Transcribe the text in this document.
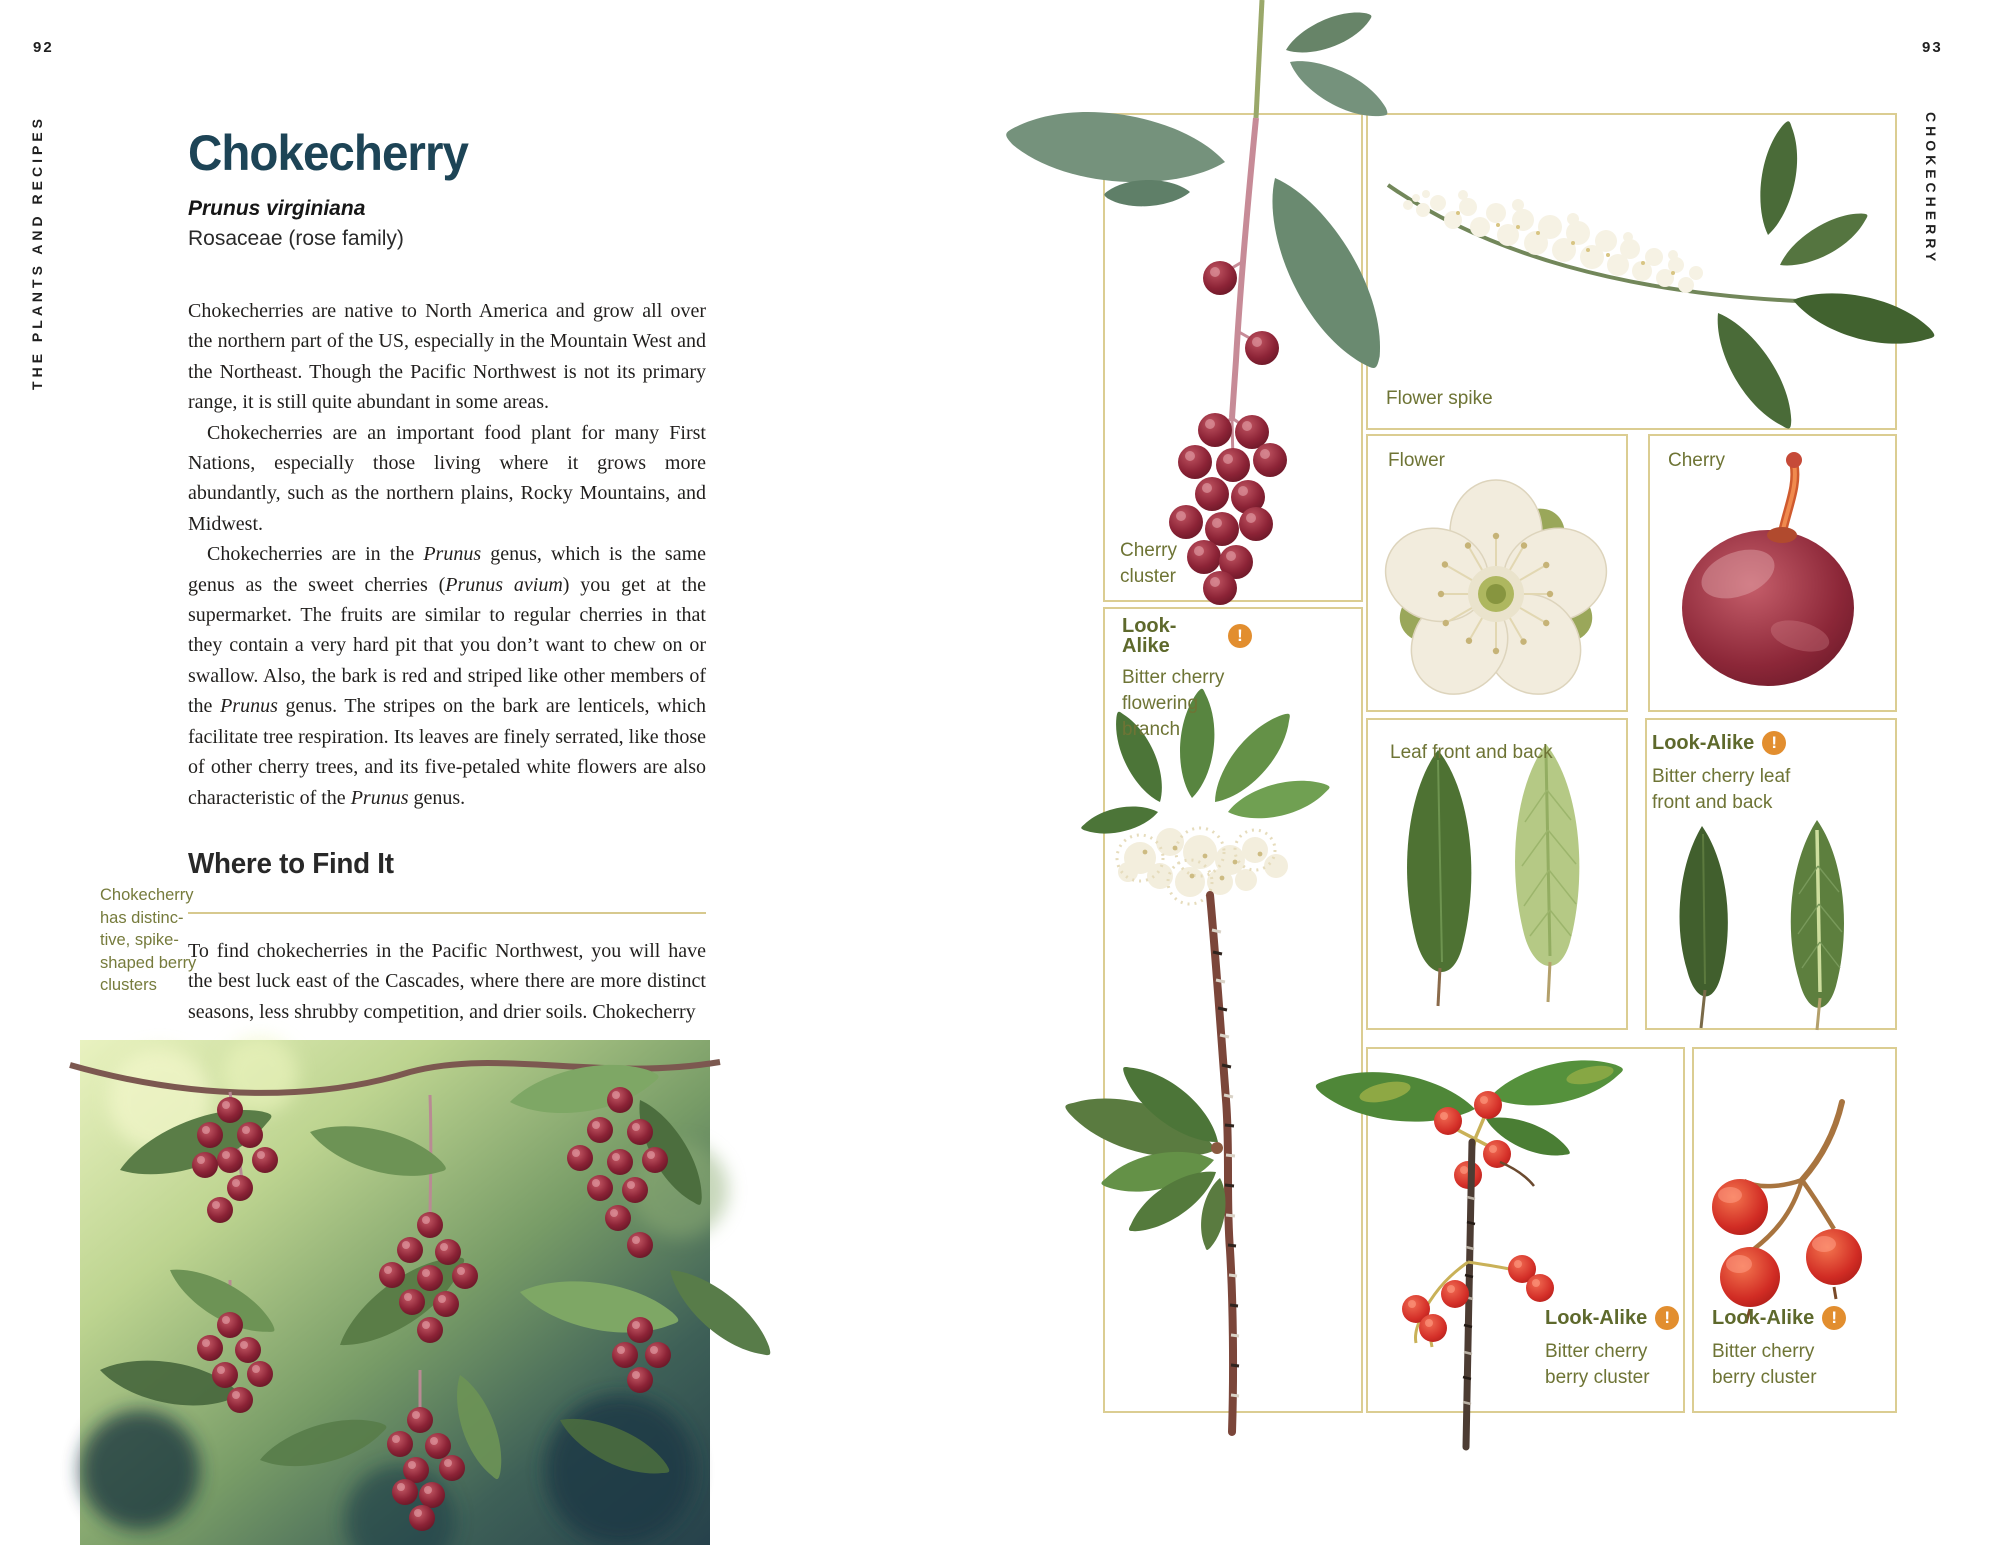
92
THE PLANTS AND RECIPES	Chokecherry
Prunus virginiana
Rosaceae (rose family)

Chokecherries are native to North America and grow all over the northern part of the US, especially in the Mountain West and the Northeast. Though the Pacific Northwest is not its primary range, it is still quite abundant in some areas.

Chokecherries are an important food plant for many First Nations, especially those living where it grows more abundantly, such as the northern plains, Rocky Mountains, and Midwest.

Chokecherries are in the Prunus genus, which is the same genus as the sweet cherries (Prunus avium) you get at the supermarket. The fruits are similar to regular cherries in that they contain a very hard pit that you don’t want to chew on or swallow. Also, the bark is red and striped like other members of the Prunus genus. The stripes on the bark are lenticels, which facilitate tree respiration. Its leaves are finely serrated, like those of other cherry trees, and its five-petaled white flowers are also characteristic of the Prunus genus.

Where to Find It

To find chokecherries in the Pacific Northwest, you will have the best luck east of the Cascades, where there are more distinct seasons, less shrubby competition, and drier soils. Chokecherry

Chokecherry has distinc- tive, spike- shaped berry clusters
Cherry cluster
Flower spike
Flower	Cherry
Leaf front and back
Look-Alike	!
Bitter cherry flowering branch
Look-Alike	!
Bitter cherry leaf front and back
Look-Alike	!
Bitter cherry berry cluster
Look-Alike	!
Bitter cherry berry cluster
93
CHOKECHERRY
